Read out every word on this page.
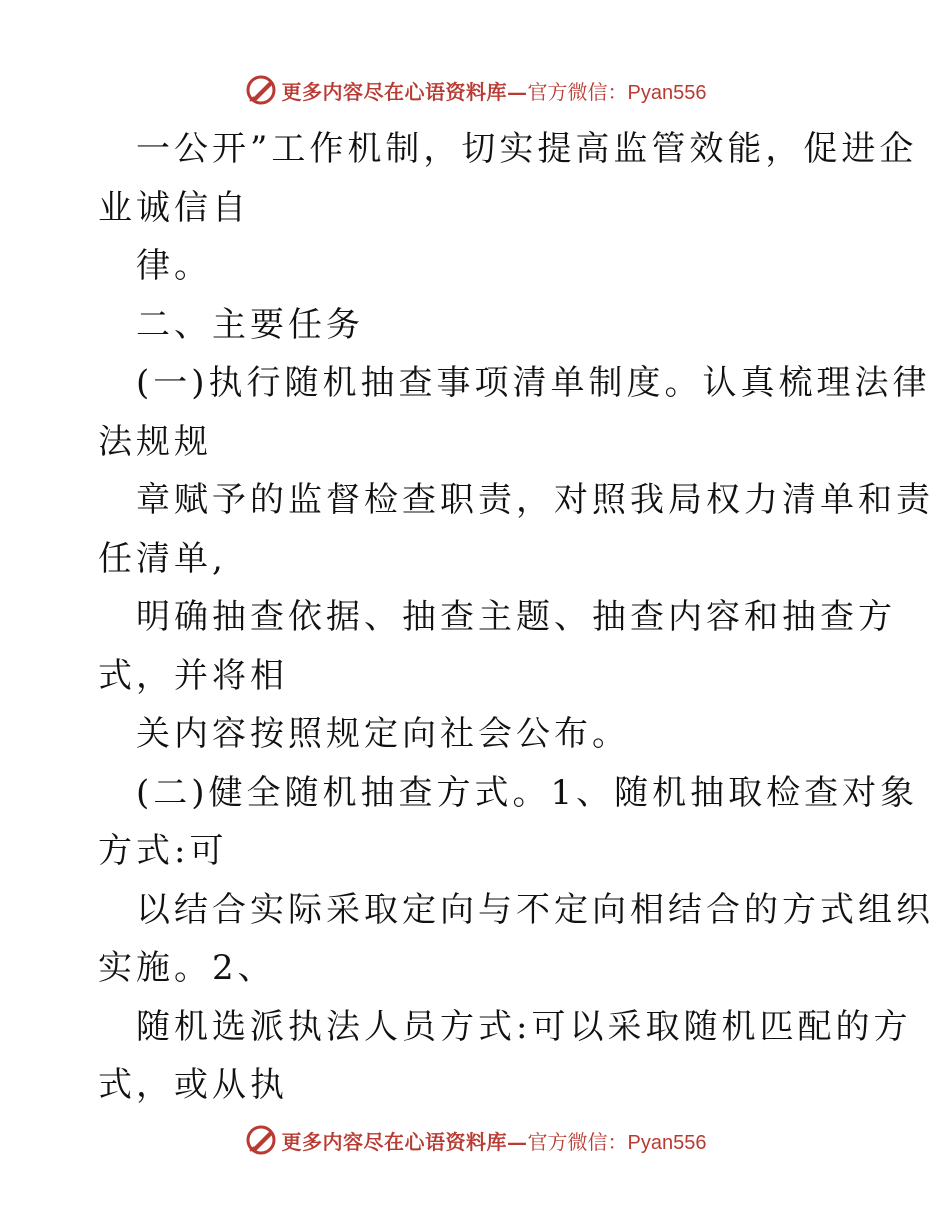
更多内容尽在心语资料库— 官方微信：Pyan556
一公开”工作机制，切实提高监管效能，促进企
业诚信自
律。
二、主要任务
(一)执行随机抽查事项清单制度。认真梳理法律
法规规
章赋予的监督检查职责，对照我局权力清单和责
任清单,
明确抽查依据、抽查主题、抽查内容和抽查方
式，并将相
关内容按照规定向社会公布。
(二)健全随机抽查方式。1、随机抽取检查对象
方式:可
以结合实际采取定向与不定向相结合的方式组织
实施。2、
随机选派执法人员方式:可以采取随机匹配的方
式，或从执
更多内容尽在心语资料库— 官方微信：Pyan556
